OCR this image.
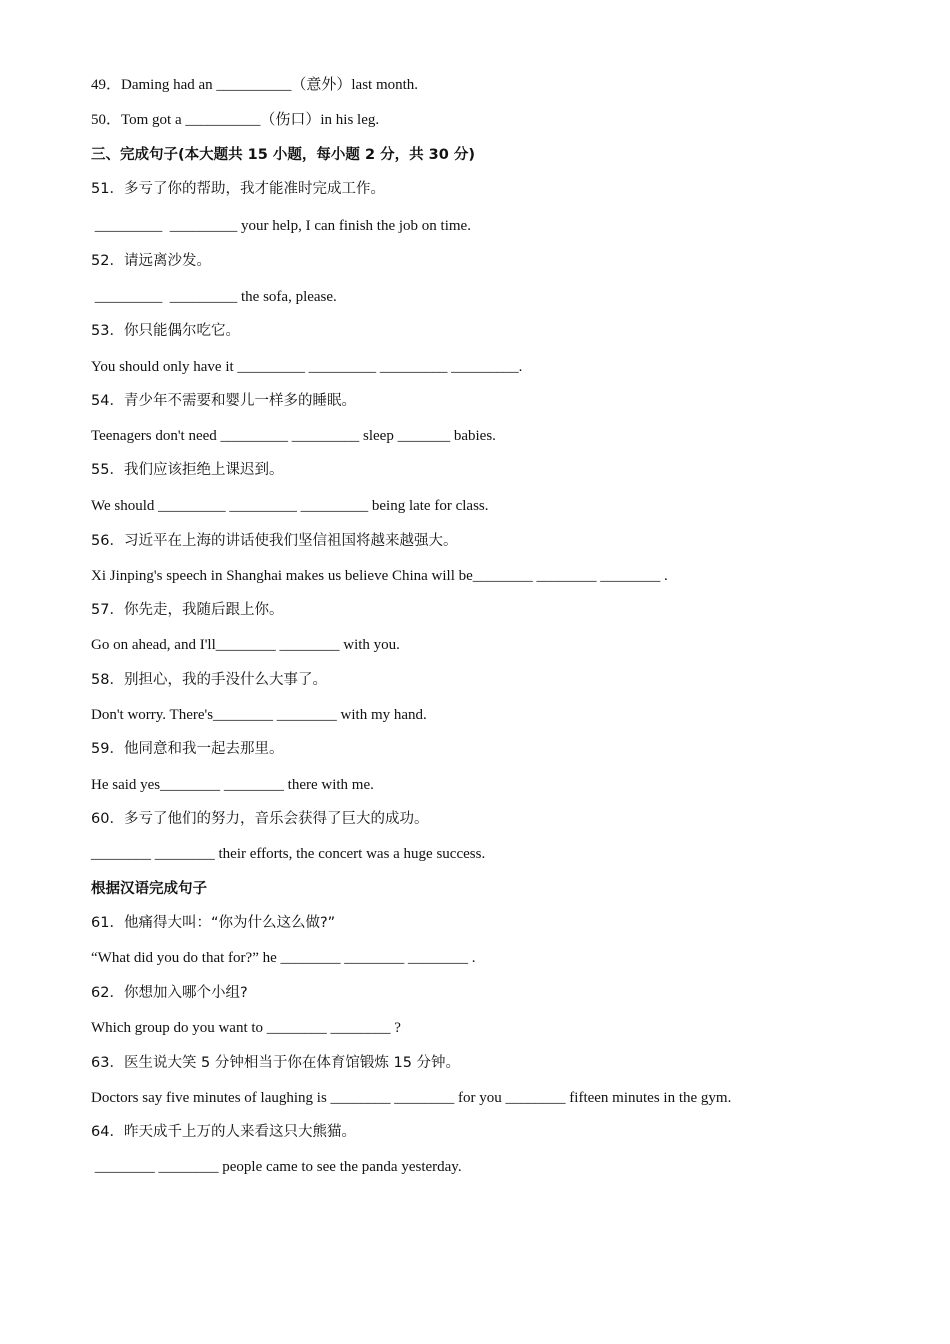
49．Daming had an __________（意外）last month.
50．Tom got a __________（伤口）in his leg.
三、完成句子(本大题共 15 小题，每小题 2 分，共 30 分)
51．多亏了你的帮助，我才能准时完成工作。
_________  _________ your help, I can finish the job on time.
52．请远离沙发。
_________  _________ the sofa, please.
53．你只能偶尔吃它。
You should only have it _________ _________ _________ _________.
54．青少年不需要和婴儿一样多的睡眠。
Teenagers don't need _________ _________ sleep _______ babies.
55．我们应该拒绝上课迟到。
We should _________ _________ _________ being late for class.
56．习近平在上海的讲话使我们坚信祖国将越来越强大。
Xi Jinping's speech in Shanghai makes us believe China will be________ ________ ________ .
57．你先走，我随后跟上你。
Go on ahead, and I'll________ ________ with you.
58．别担心，我的手没什么大事了。
Don't worry. There's________ ________ with my hand.
59．他同意和我一起去那里。
He said yes________ ________ there with me.
60．多亏了他们的努力，音乐会获得了巨大的成功。
________ ________ their efforts, the concert was a huge success.
根据汉语完成句子
61．他痛得大叫：“你为什么这么做?”
“What did you do that for?” he ________ ________ ________ .
62．你想加入哪个小组?
Which group do you want to ________ ________ ?
63．医生说大笑 5 分钟相当于你在体育馆锻炼 15 分钟。
Doctors say five minutes of laughing is ________ ________ for you ________ fifteen minutes in the gym.
64．昨天成千上万的人来看这只大熊猫。
________ ________ people came to see the panda yesterday.
